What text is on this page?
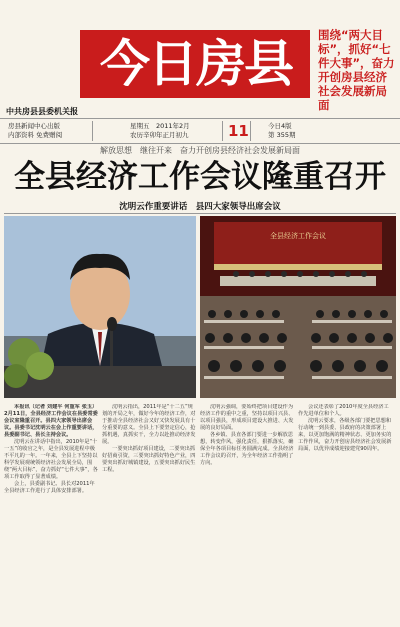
今日房县	围绕“两大目标”，抓好“七件大事”，奋力开创房县经济社会发展新局面
中共房县县委机关报
房县新闻中心出版
内部资料 免费赠阅
星期五　2011年2月
农历辛卯年正月初九	11	今日4版
第 355期
解放思想　继往开来　奋力开创房县经济社会发展新局面
全县经济工作会议隆重召开
沈明云作重要讲话　县四大家领导出席会议
全县经济工作会议

本报讯（记者 刘建平 何重军 张玉）2月11日，全县经济工作会议在县委常委会议室隆重召开。县四大家领导出席会议。县委书记沈明云在会上作重要讲话，县委副书记、县长主持会议。

沈明云在讲话中指出，2010年是“十一五”的收官之年，是全县发展进程中极不平凡的一年。一年来，全县上下坚持以科学发展观统领经济社会发展全局，围绕“两大目标”，奋力抓好“七件大事”，各项工作取得了显著成绩。

会上，县委副书记、县长对2011年全县经济工作进行了具体安排部署。

沈明云指出，2011年是“十二五”规划的开局之年，做好今年的经济工作，对于推动全县经济社会又好又快发展具有十分重要的意义。全县上下要坚定信心，抢抓机遇，真抓实干，全力以赴推动经济发展。

一要突出抓好项目建设，二要突出抓好招商引资，三要突出抓好特色产业，四要突出抓好城镇建设，五要突出抓好民生工程。

沈明云强调，要始终把项目建设作为经济工作的重中之重，坚持以项目兴县、以项目强县，形成项目建设大推进、大发展的良好局面。

各乡镇、县直各部门要进一步解放思想，转变作风，强化责任，狠抓落实，确保全年各项目标任务圆满完成。全县经济工作会议的召开，为全年经济工作指明了方向。

会议还表彰了2010年度全县经济工作先进单位和个人。

沈明云要求，各级各部门要把思想和行动统一到县委、县政府的决策部署上来，以更加饱满的精神状态、更加务实的工作作风，奋力开创房县经济社会发展新局面，以优异成绩迎接建党90周年。
